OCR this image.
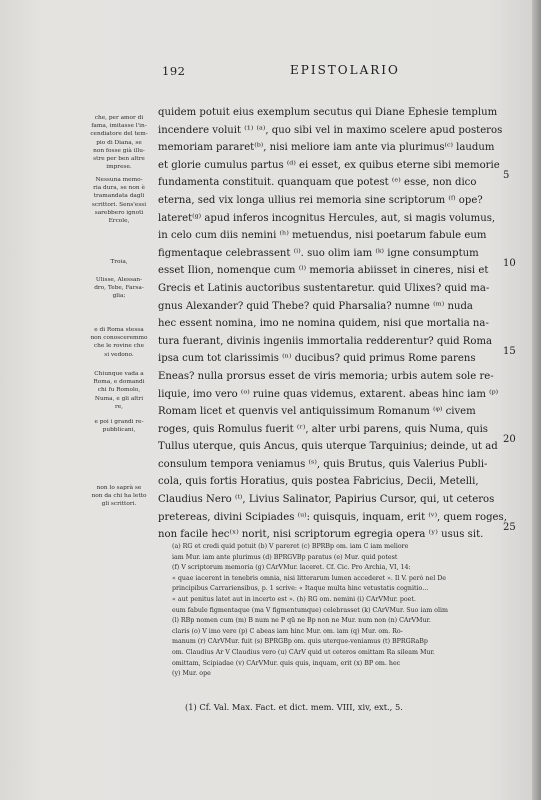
192	EPISTOLARIO
che, per amor di
fama, imitasse l'in-
cendiatore del tem-
pio di Diana, se
non fosse già illu-
stre per ben altre
imprese.
Nessuna memo-
ria dura, se non è
tramandata dagli
scrittori. Sens'essi
sarebbero ignoti
Ercole,
Troia,
Ulisse, Alessan-
dro, Tebe, Farsa-
glia;
e di Roma stessa
non conosceremmo
che le rovine che
si vedono.
Chiunque vada a
Roma, e domandi
chi fu Romolo,
Numa, e gli altri
re,
e poi i grandi re-
pubblicani,
non lo saprà se
non da chi ha letto
gli scrittori.
quidem potuit eius exemplum secutus qui Diane Ephesie templum
incendere voluit ⁽¹⁾ ⁽ᵃ⁾, quo sibi vel in maximo scelere apud posteros
memoriam pararet⁽ᵇ⁾, nisi meliore iam ante via plurimus⁽ᶜ⁾ laudum
et glorie cumulus partus ⁽ᵈ⁾ ei esset, ex quibus eterne sibi memorie
fundamenta constituit. quanquam que potest ⁽ᵉ⁾ esse, non dico
eterna, sed vix longa ullius rei memoria sine scriptorum ⁽ᶠ⁾ ope?
lateret⁽ᵍ⁾ apud inferos incognitus Hercules, aut, si magis volumus,
in celo cum diis nemini ⁽ʰ⁾ metuendus, nisi poetarum fabule eum
figmentaque celebrassent ⁽ⁱ⁾. suo olim iam ⁽ᵏ⁾ igne consumptum
esset Ilion, nomenque cum ⁽ˡ⁾ memoria abiisset in cineres, nisi et
Grecis et Latinis auctoribus sustentaretur. quid Ulixes? quid ma-
gnus Alexander? quid Thebe? quid Pharsalia? numne ⁽ᵐ⁾ nuda
hec essent nomina, imo ne nomina quidem, nisi que mortalia na-
tura fuerant, divinis ingeniis immortalia redderentur? quid Roma
ipsa cum tot clarissimis ⁽ⁿ⁾ ducibus? quid primus Rome parens
Eneas? nulla prorsus esset de viris memoria; urbis autem sole re-
liquie, imo vero ⁽ᵒ⁾ ruine quas videmus, extarent. abeas hinc iam ⁽ᵖ⁾
Romam licet et quenvis vel antiquissimum Romanum ⁽ᵠ⁾ civem
roges, quis Romulus fuerit ⁽ʳ⁾, alter urbi parens, quis Numa, quis
Tullus uterque, quis Ancus, quis uterque Tarquinius; deinde, ut ad
consulum tempora veniamus ⁽ˢ⁾, quis Brutus, quis Valerius Publi-
cola, quis fortis Horatius, quis postea Fabricius, Decii, Metelli,
Claudius Nero ⁽ᵗ⁾, Livius Salinator, Papirius Cursor, qui, ut ceteros
pretereas, divini Scipiades ⁽ᵘ⁾: quisquis, inquam, erit ⁽ᵛ⁾, quem roges,
non facile hec⁽ˣ⁾ norit, nisi scriptorum egregia opera ⁽ʸ⁾ usus sit.
5
10
15
20
25
(a) RG et credi quid potuit (b) V pareret (c) BPRBp om. iam C iam meliore
iam Mur. iam ante plurimus (d) BPRGVBp paratus (e) Mur. quid potest
(f) V scriptorum memoria (g) CArVMur. laceret. Cf. Cic. Pro Archia, VI, 14:
« quae iacerent in tenebris omnia, nisi litterarum lumen accederet ». Il V. però nel De
principibus Carrariensibus, p. 1 scrive: « Itaque multa hinc vetustatis cognitio...
« aut penitus latet aut in incerto est ». (h) RG om. nemini (i) CArVMur. poet.
eum fabule figmentaque (ma V figmentumque) celebrasset (k) CArVMur. Suo iam olim
(l) RBp nomen cum (m) B num ne P qũ ne Bp non ne Mur. num non (n) CArVMur.
claris (o) V imo vere (p) C abeas iam hinc Mur. om. iam (q) Mur. om. Ro-
manum (r) CArVMur. fuit (s) BPRGBp om. quis uterque-veniamus (t) BPRGRaBp
om. Claudius Ar V Claudius vero (u) CArV quid ut ceteros omittam Ra sileam Mur.
omittam, Scipiadae (v) CArVMur. quis quis, inquam, erit (x) BP om. hec
(y) Mur. ope
(1) Cf. Val. Max. Fact. et dict. mem. VIII, xiv, ext., 5.
